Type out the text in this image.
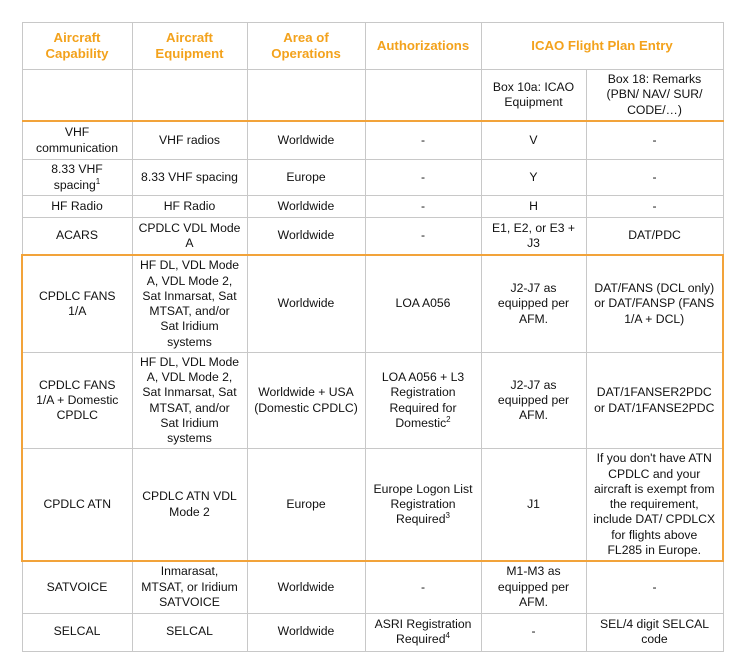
Aircraft Capability	Aircraft Equipment	Area of Operations	Authorizations	ICAO Flight Plan Entry	
				Box 10a: ICAO Equipment	Box 18: Remarks (PBN/ NAV/ SUR/ CODE/…)
VHF communication	VHF radios	Worldwide	-	V	-
8.33 VHF spacing$^1$	8.33 VHF spacing	Europe	-	Y	-
HF Radio	HF Radio	Worldwide	-	H	-
ACARS	CPDLC VDL Mode A	Worldwide	-	E1, E2, or E3 + J3	DAT/PDC
CPDLC FANS 1/A	HF DL, VDL Mode A, VDL Mode 2, Sat Inmarsat, Sat MTSAT, and/or Sat Iridium systems	Worldwide	LOA A056	J2-J7 as equipped per AFM.	DAT/FANS (DCL only) or DAT/FANSP (FANS 1/A + DCL)
CPDLC FANS 1/A + Domestic CPDLC	HF DL, VDL Mode A, VDL Mode 2, Sat Inmarsat, Sat MTSAT, and/or Sat Iridium systems	Worldwide + USA (Domestic CPDLC)	LOA A056 + L3 Registration Required for Domestic$^2$	J2-J7 as equipped per AFM.	DAT/1FANSER2PDC or DAT/1FANSE2PDC
CPDLC ATN	CPDLC ATN VDL Mode 2	Europe	Europe Logon List Registration Required$^3$	J1	If you don't have ATN CPDLC and your aircraft is exempt from the requirement, include DAT/ CPDLCX for flights above FL285 in Europe.
SATVOICE	Inmarasat, MTSAT, or Iridium SATVOICE	Worldwide	-	M1-M3 as equipped per AFM.	-
SELCAL	SELCAL	Worldwide	ASRI Registration Required$^4$	-	SEL/4 digit SELCAL code
